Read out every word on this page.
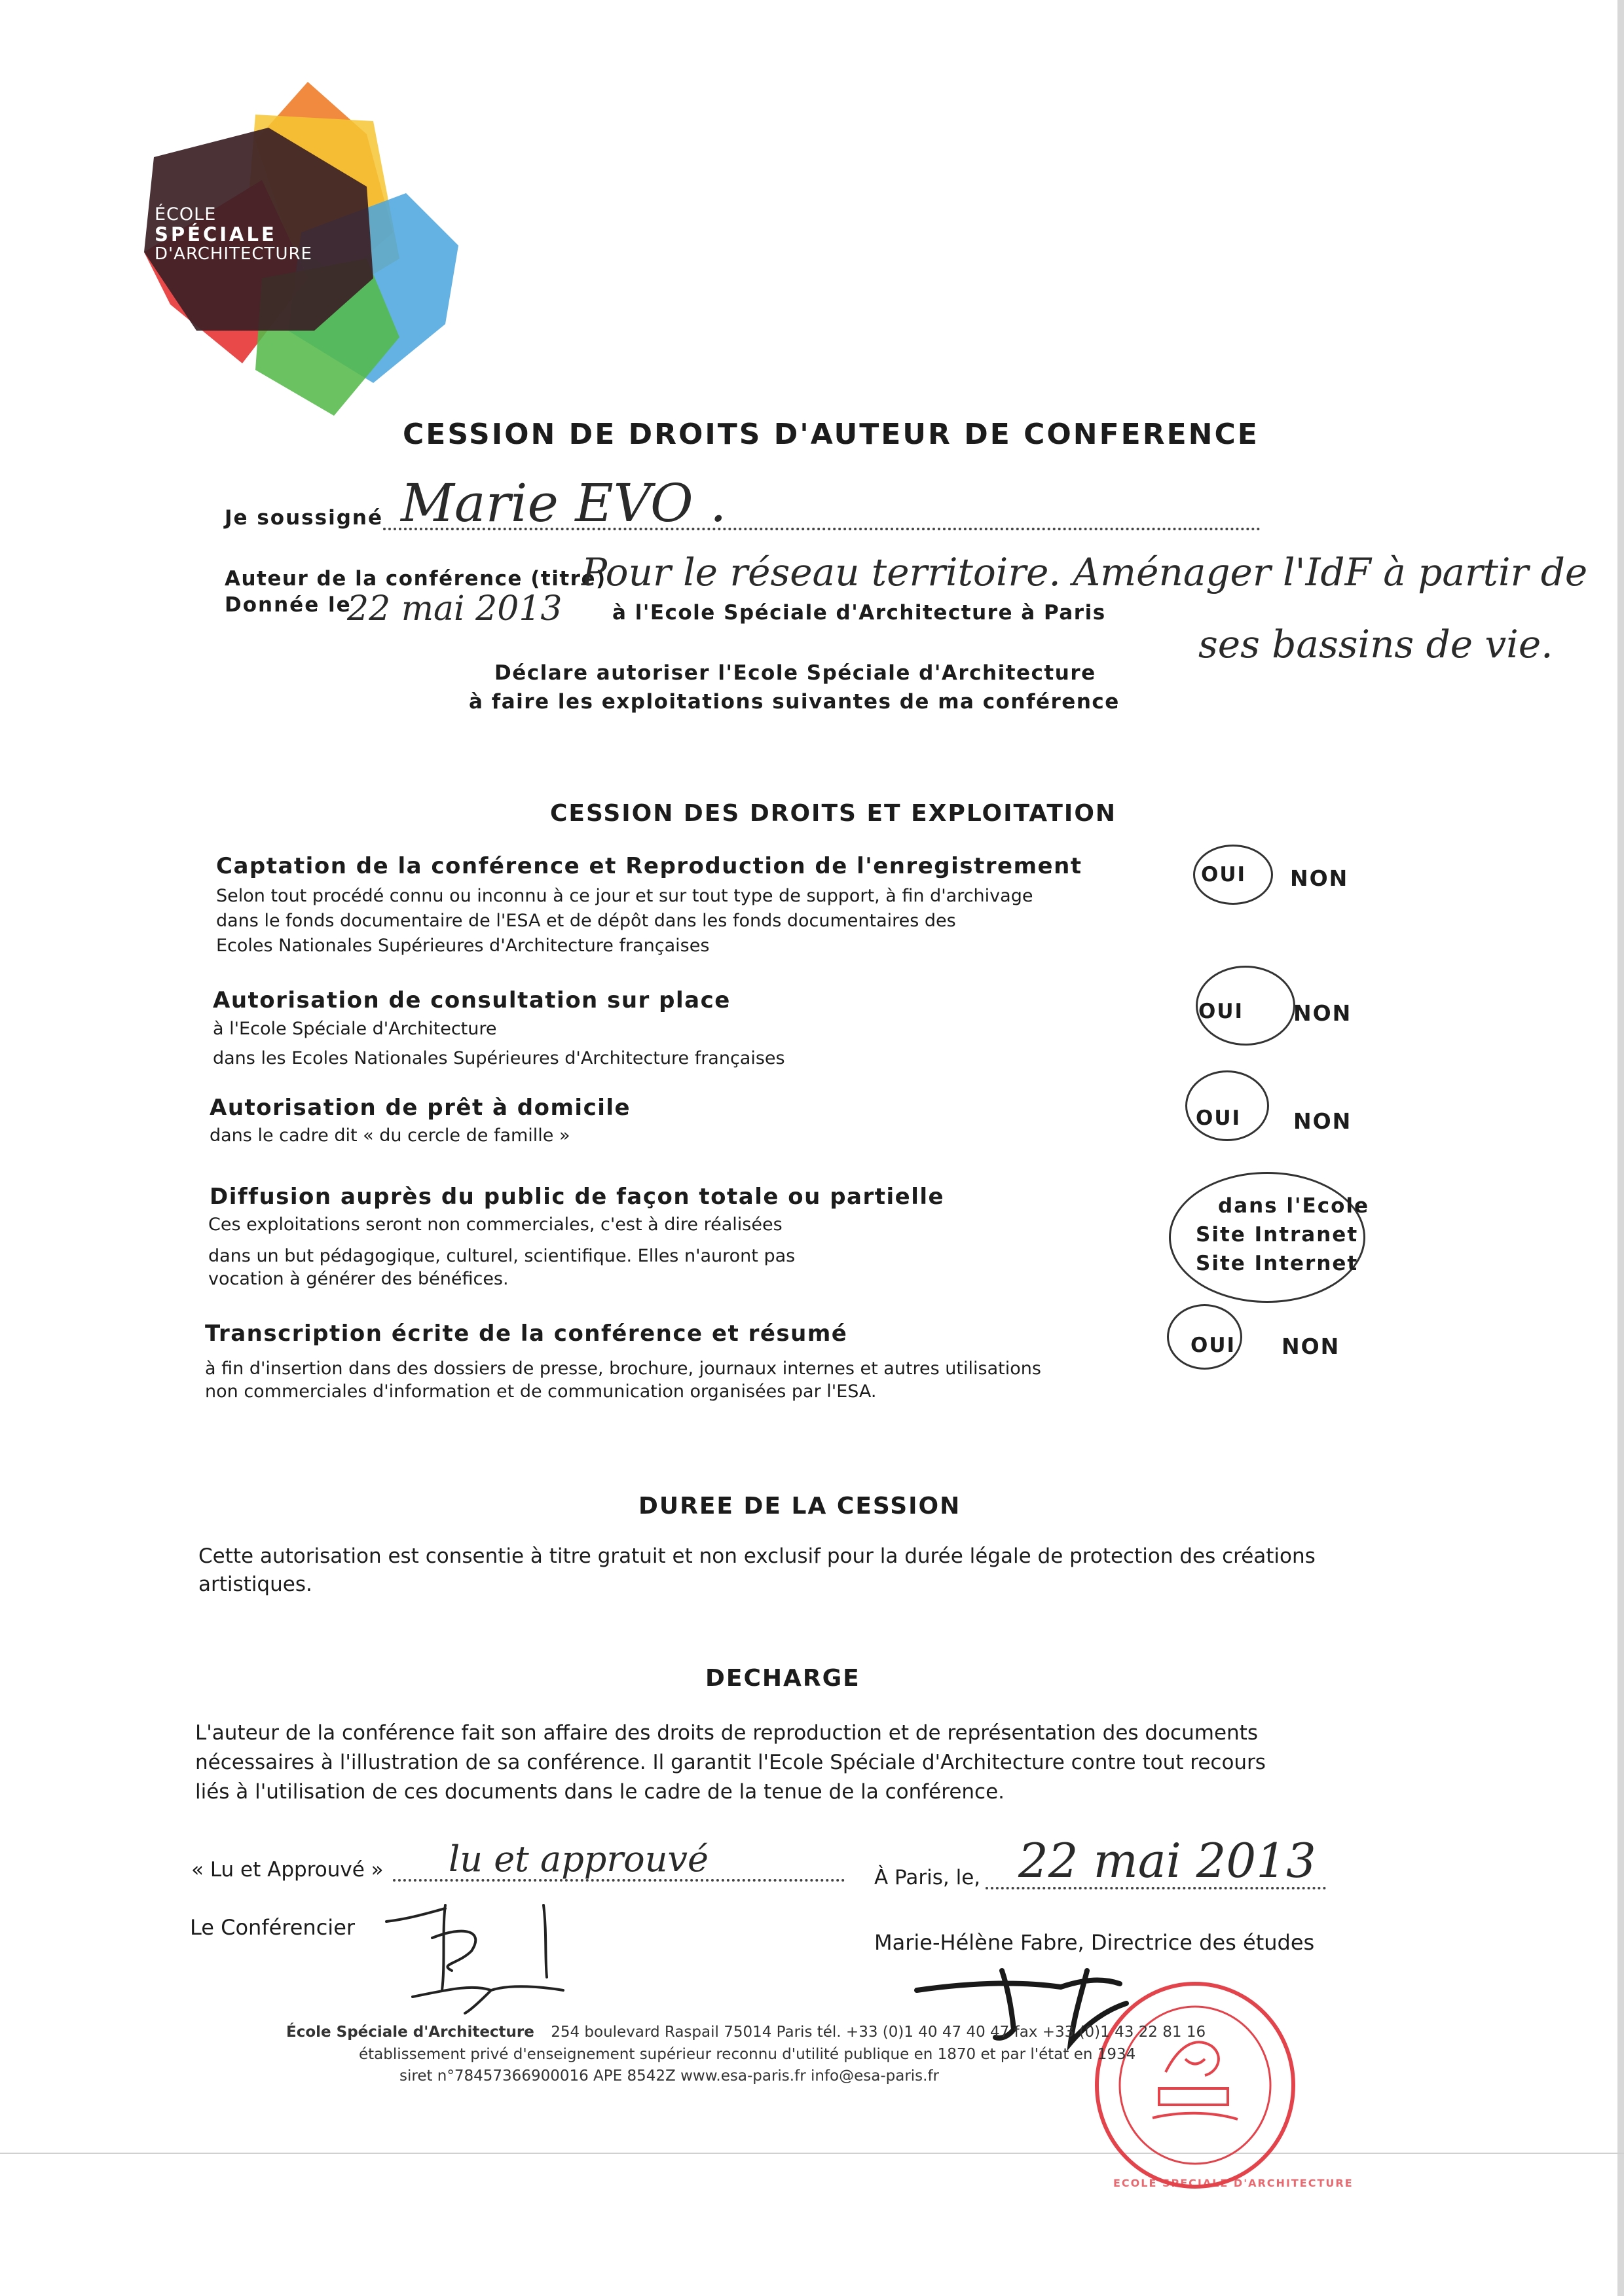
ÉCOLE
SPÉCIALE
D'ARCHITECTURE
CESSION DE DROITS D'AUTEUR DE CONFERENCE
Je soussigné Marie EVO .
Auteur de la conférence (titre)
Pour le réseau territoire. Aménager l'IdF à partir de
ses bassins de vie.
Donnée le
22 mai 2013 à l'Ecole Spéciale d'Architecture à Paris
Déclare autoriser l'Ecole Spéciale d'Architecture
à faire les exploitations suivantes de ma conférence
CESSION DES DROITS ET EXPLOITATION
Captation de la conférence et Reproduction de l'enregistrement
Selon tout procédé connu ou inconnu à ce jour et sur tout type de support, à fin d'archivage
dans le fonds documentaire de l'ESA et de dépôt dans les fonds documentaires des
Ecoles Nationales Supérieures d'Architecture françaises
OUI NON
Autorisation de consultation sur place
à l'Ecole Spéciale d'Architecture
dans les Ecoles Nationales Supérieures d'Architecture françaises
OUI NON
Autorisation de prêt à domicile
dans le cadre dit « du cercle de famille »
OUI NON
Diffusion auprès du public de façon totale ou partielle
Ces exploitations seront non commerciales, c'est à dire réalisées
dans un but pédagogique, culturel, scientifique. Elles n'auront pas
vocation à générer des bénéfices.
dans l'Ecole
Site Intranet
Site Internet
Transcription écrite de la conférence et résumé
à fin d'insertion dans des dossiers de presse, brochure, journaux internes et autres utilisations
non commerciales d'information et de communication organisées par l'ESA.
OUI NON
DUREE DE LA CESSION
Cette autorisation est consentie à titre gratuit et non exclusif pour la durée légale de protection des créations
artistiques.
DECHARGE
L'auteur de la conférence fait son affaire des droits de reproduction et de représentation des documents
nécessaires à l'illustration de sa conférence. Il garantit l'Ecole Spéciale d'Architecture contre tout recours
liés à l'utilisation de ces documents dans le cadre de la tenue de la conférence.
« Lu et Approuvé » lu et approuvé	À Paris, le, 22 mai 2013
Le Conférencier
Marie-Hélène Fabre, Directrice des études
ECOLE SPECIALE D'ARCHITECTURE
École Spéciale d'Architecture 254 boulevard Raspail 75014 Paris tél. +33 (0)1 40 47 40 47 fax +33 (0)1 43 22 81 16
établissement privé d'enseignement supérieur reconnu d'utilité publique en 1870 et par l'état en 1934
siret n°78457366900016 APE 8542Z www.esa-paris.fr info@esa-paris.fr
